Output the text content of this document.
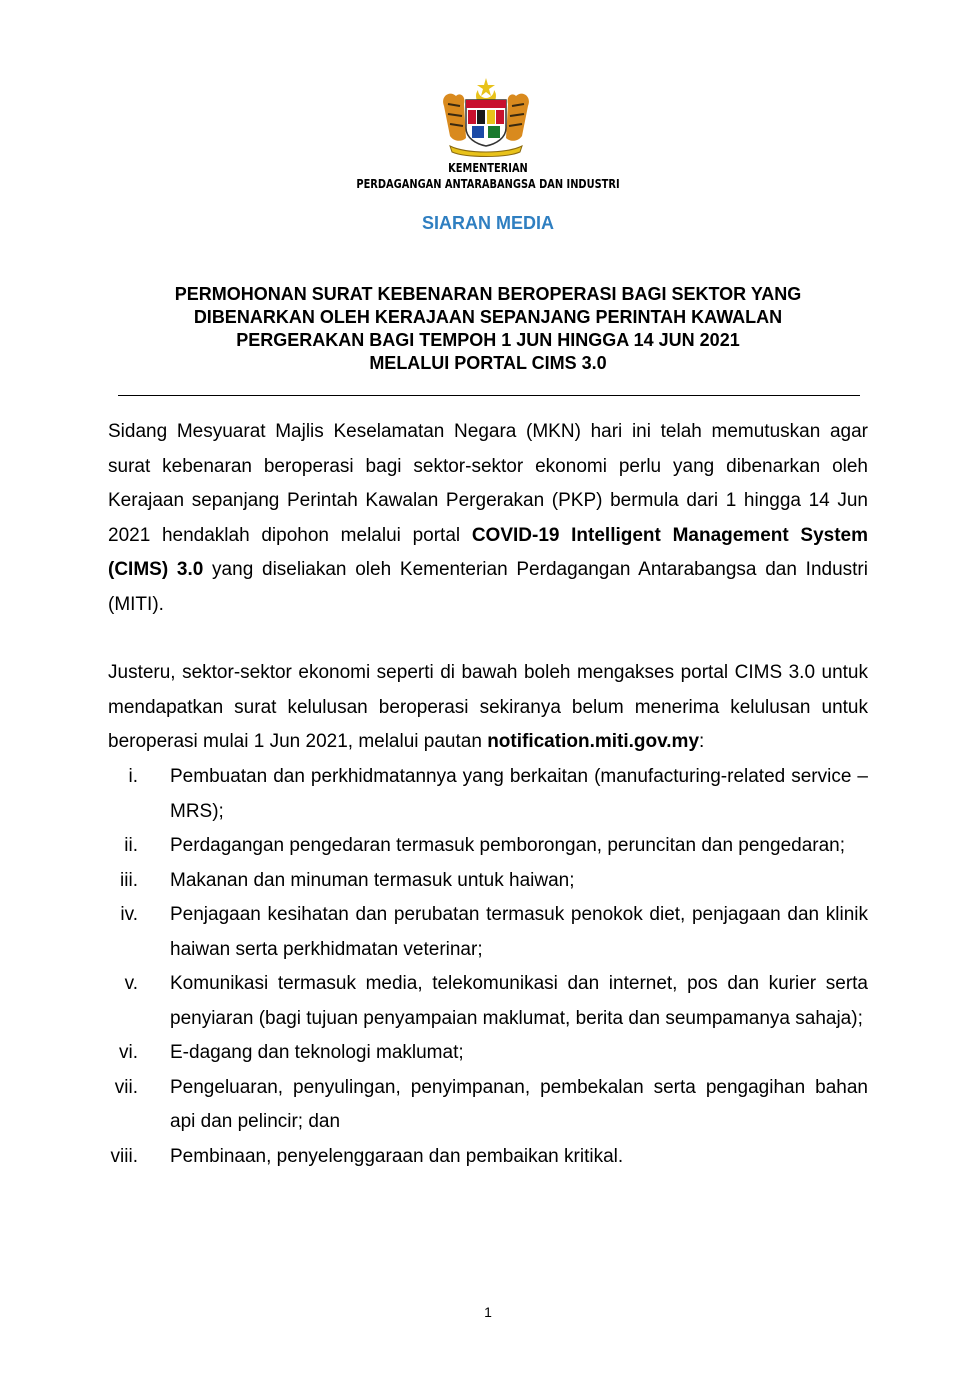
KEMENTERIAN
PERDAGANGAN ANTARABANGSA DAN INDUSTRI
SIARAN MEDIA
PERMOHONAN SURAT KEBENARAN BEROPERASI BAGI SEKTOR YANG
DIBENARKAN OLEH KERAJAAN SEPANJANG PERINTAH KAWALAN
PERGERAKAN BAGI TEMPOH 1 JUN HINGGA 14 JUN 2021
MELALUI PORTAL CIMS 3.0
Sidang Mesyuarat Majlis Keselamatan Negara (MKN) hari ini telah memutuskan agar surat kebenaran beroperasi bagi sektor-sektor ekonomi perlu yang dibenarkan oleh Kerajaan sepanjang Perintah Kawalan Pergerakan (PKP) bermula dari 1 hingga 14 Jun 2021 hendaklah dipohon melalui portal COVID-19 Intelligent Management System (CIMS) 3.0 yang diseliakan oleh Kementerian Perdagangan Antarabangsa dan Industri (MITI).
Justeru, sektor-sektor ekonomi seperti di bawah boleh mengakses portal CIMS 3.0 untuk mendapatkan surat kelulusan beroperasi sekiranya belum menerima kelulusan untuk beroperasi mulai 1 Jun 2021, melalui pautan notification.miti.gov.my:
i. Pembuatan dan perkhidmatannya yang berkaitan (manufacturing-related service – MRS);
ii. Perdagangan pengedaran termasuk pemborongan, peruncitan dan pengedaran;
iii. Makanan dan minuman termasuk untuk haiwan;
iv. Penjagaan kesihatan dan perubatan termasuk penokok diet, penjagaan dan klinik haiwan serta perkhidmatan veterinar;
v. Komunikasi termasuk media, telekomunikasi dan internet, pos dan kurier serta penyiaran (bagi tujuan penyampaian maklumat, berita dan seumpamanya sahaja);
vi. E-dagang dan teknologi maklumat;
vii. Pengeluaran, penyulingan, penyimpanan, pembekalan serta pengagihan bahan api dan pelincir; dan
viii. Pembinaan, penyelenggaraan dan pembaikan kritikal.
1
